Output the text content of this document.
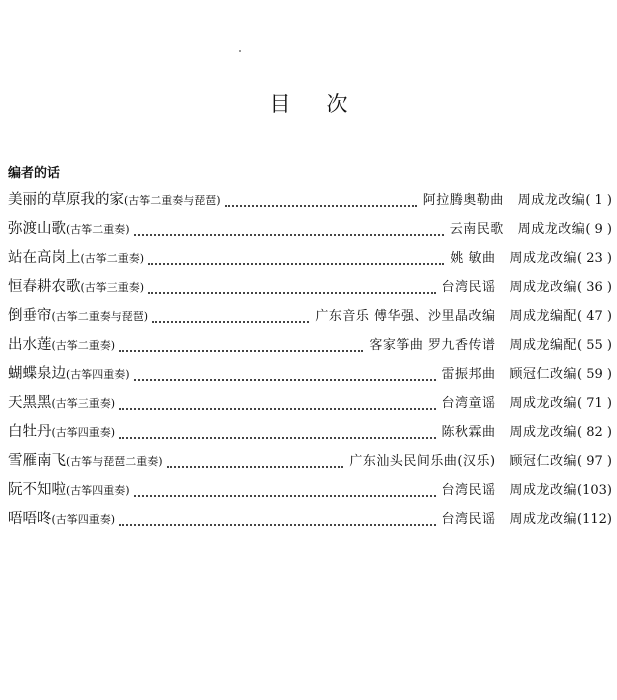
目次
编者的话
美丽的草原我的家 (古筝二重奏与琵琶)	阿拉腾奥勒曲 周成龙改编 ( 1 )
弥渡山歌 (古筝二重奏)	云南民歌 周成龙改编 ( 9 )
站在高岗上 (古筝二重奏)	姚 敏曲 周成龙改编 ( 23 )
恒春耕农歌 (古筝三重奏)	台湾民谣 周成龙改编 ( 36 )
倒垂帘 (古筝二重奏与琵琶)	广东音乐 傅华强、沙里晶改编 周成龙编配 ( 47 )
出水莲 (古筝二重奏)	客家筝曲 罗九香传谱 周成龙编配 ( 55 )
蝴蝶泉边 (古筝四重奏)	雷振邦曲 顾冠仁改编 ( 59 )
天黑黑 (古筝三重奏)	台湾童谣 周成龙改编 ( 71 )
白牡丹 (古筝四重奏)	陈秋霖曲 周成龙改编 ( 82 )
雪雁南飞 (古筝与琵琶二重奏)	广东汕头民间乐曲(汉乐) 顾冠仁改编 ( 97 )
阮不知啦 (古筝四重奏)	台湾民谣 周成龙改编 (103)
唔唔咚 (古筝四重奏)	台湾民谣 周成龙改编 (112)
